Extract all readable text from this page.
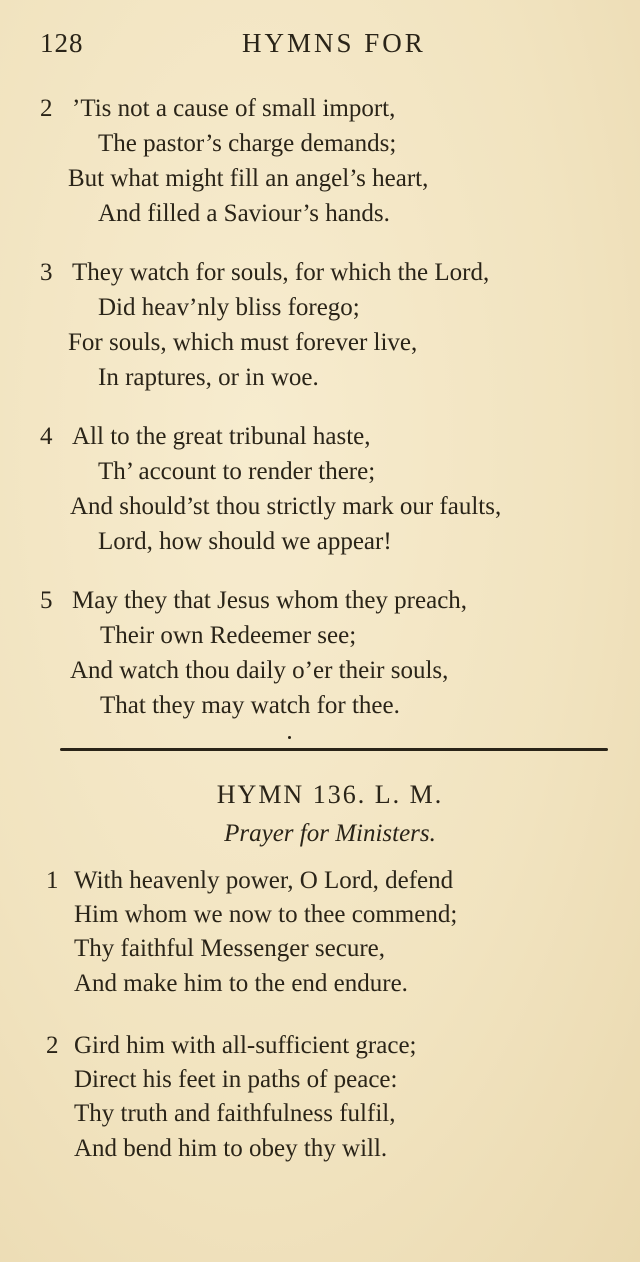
128	HYMNS FOR
2 ’Tis not a cause of small import,
The pastor’s charge demands;
But what might fill an angel’s heart,
And filled a Saviour’s hands.
3 They watch for souls, for which the Lord,
Did heav’nly bliss forego;
For souls, which must forever live,
In raptures, or in woe.
4 All to the great tribunal haste,
Th’ account to render there;
And should’st thou strictly mark our faults,
Lord, how should we appear!
5 May they that Jesus whom they preach,
Their own Redeemer see;
And watch thou daily o’er their souls,
That they may watch for thee.
HYMN 136. L. M.
Prayer for Ministers.
1 With heavenly power, O Lord, defend
Him whom we now to thee commend;
Thy faithful Messenger secure,
And make him to the end endure.
2 Gird him with all-sufficient grace;
Direct his feet in paths of peace:
Thy truth and faithfulness fulfil,
And bend him to obey thy will.
